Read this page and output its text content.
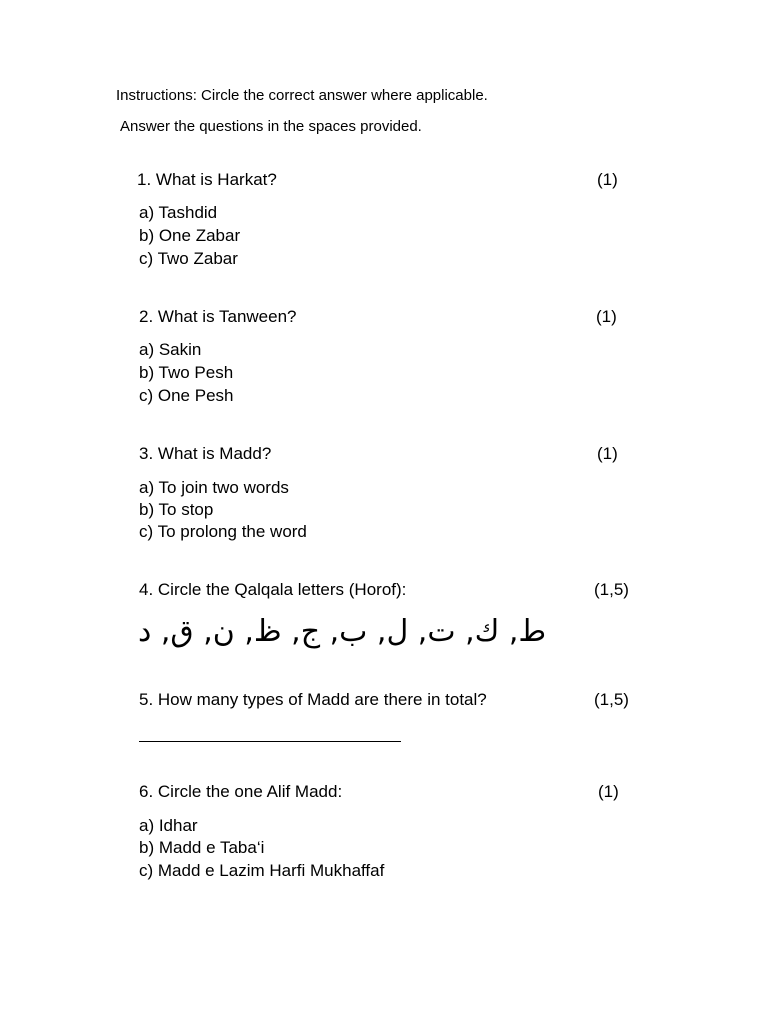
Instructions: Circle the correct answer where applicable.
Answer the questions in the spaces provided.
1. What is Harkat?	(1)
a) Tashdid
b) One Zabar
c) Two Zabar
2. What is Tanween?	(1)
a) Sakin
b) Two Pesh
c) One Pesh
3. What is Madd?	(1)
a) To join two words
b) To stop
c) To prolong the word
4. Circle the Qalqala letters (Horof):	(1,5)
ط, ك, ت, ل, ب, ج, ظ, ن, ق, د
5. How many types of Madd are there in total?	(1,5)
6. Circle the one Alif Madd:	(1)
a) Idhar
b) Madd e Taba‘i
c) Madd e Lazim Harfi Mukhaffaf
